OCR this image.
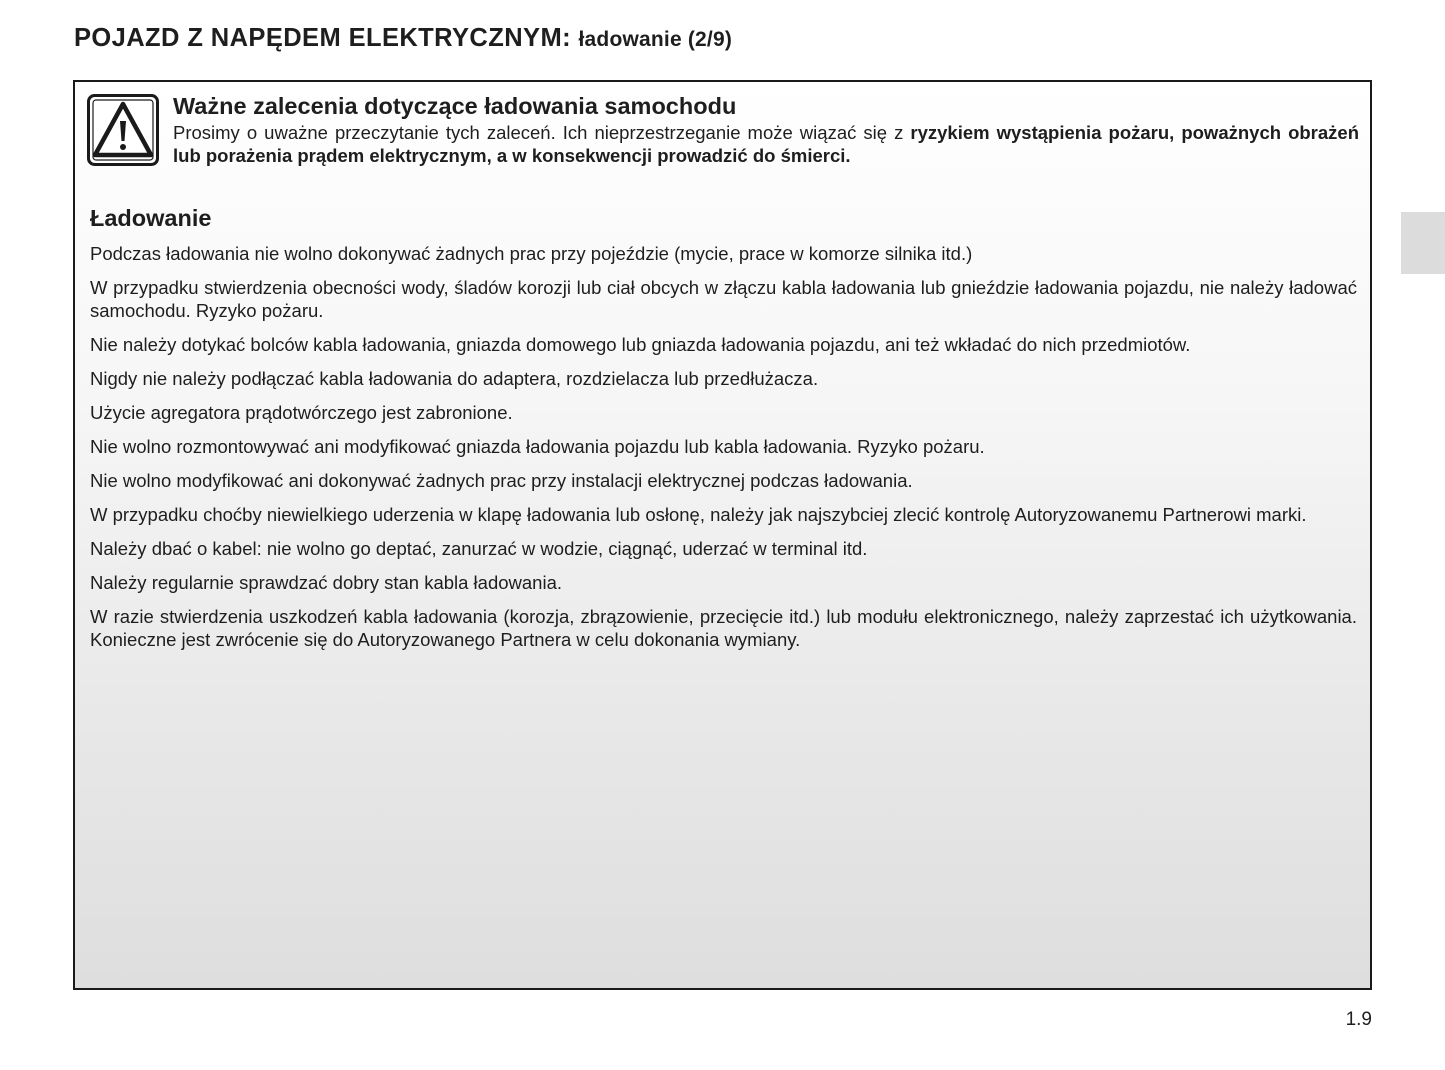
POJAZD Z NAPĘDEM ELEKTRYCZNYM: ładowanie (2/9)
Ważne zalecenia dotyczące ładowania samochodu

Prosimy o uważne przeczytanie tych zaleceń. Ich nieprzestrzeganie może wiązać się z ryzykiem wystąpienia pożaru, poważnych obrażeń lub porażenia prądem elektrycznym, a w konsekwencji prowadzić do śmierci.

Ładowanie

Podczas ładowania nie wolno dokonywać żadnych prac przy pojeździe (mycie, prace w komorze silnika itd.)

W przypadku stwierdzenia obecności wody, śladów korozji lub ciał obcych w złączu kabla ładowania lub gnieździe ładowania pojazdu, nie należy ładować samochodu. Ryzyko pożaru.

Nie należy dotykać bolców kabla ładowania, gniazda domowego lub gniazda ładowania pojazdu, ani też wkładać do nich przedmiotów.

Nigdy nie należy podłączać kabla ładowania do adaptera, rozdzielacza lub przedłużacza.

Użycie agregatora prądotwórczego jest zabronione.

Nie wolno rozmontowywać ani modyfikować gniazda ładowania pojazdu lub kabla ładowania. Ryzyko pożaru.

Nie wolno modyfikować ani dokonywać żadnych prac przy instalacji elektrycznej podczas ładowania.

W przypadku choćby niewielkiego uderzenia w klapę ładowania lub osłonę, należy jak najszybciej zlecić kontrolę Autoryzowanemu Partnerowi marki.

Należy dbać o kabel: nie wolno go deptać, zanurzać w wodzie, ciągnąć, uderzać w terminal itd.

Należy regularnie sprawdzać dobry stan kabla ładowania.

W razie stwierdzenia uszkodzeń kabla ładowania (korozja, zbrązowienie, przecięcie itd.) lub modułu elektronicznego, należy zaprzestać ich użytkowania. Konieczne jest zwrócenie się do Autoryzowanego Partnera w celu dokonania wymiany.

1.9
